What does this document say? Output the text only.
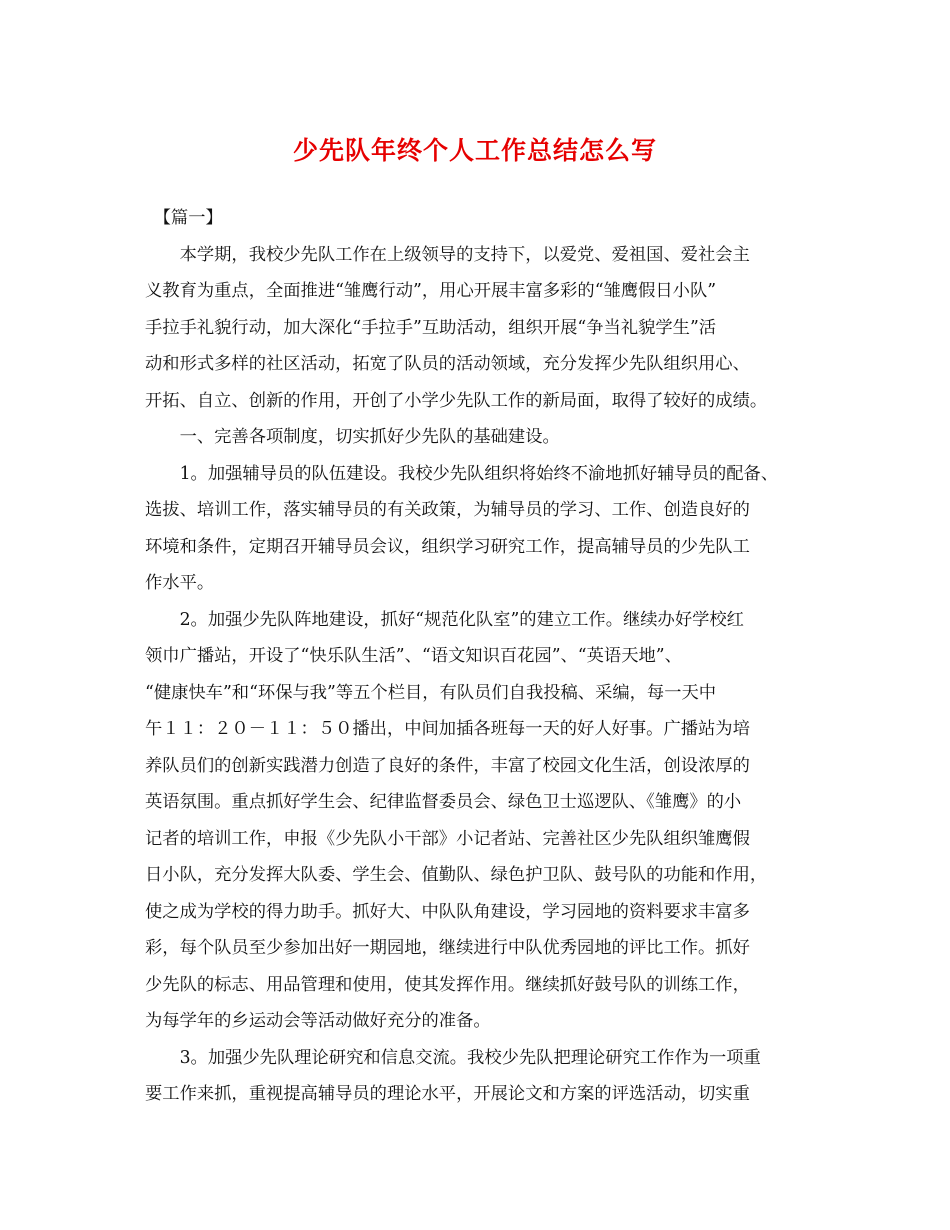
少先队年终个人工作总结怎么写
　【篇一】
　　本学期，我校少先队工作在上级领导的支持下，以爱党、爱祖国、爱社会主
义教育为重点，全面推进“雏鹰行动”，用心开展丰富多彩的“雏鹰假日小队”
手拉手礼貌行动，加大深化“手拉手”互助活动，组织开展“争当礼貌学生”活
动和形式多样的社区活动，拓宽了队员的活动领域，充分发挥少先队组织用心、
开拓、自立、创新的作用，开创了小学少先队工作的新局面，取得了较好的成绩。
　　一、完善各项制度，切实抓好少先队的基础建设。
　　1。加强辅导员的队伍建设。我校少先队组织将始终不渝地抓好辅导员的配备、
选拔、培训工作，落实辅导员的有关政策，为辅导员的学习、工作、创造良好的
环境和条件，定期召开辅导员会议，组织学习研究工作，提高辅导员的少先队工
作水平。
　　2。加强少先队阵地建设，抓好“规范化队室”的建立工作。继续办好学校红
领巾广播站，开设了“快乐队生活”、“语文知识百花园”、“英语天地”、
“健康快车”和“环保与我”等五个栏目，有队员们自我投稿、采编，每一天中
午１１：２０－１１：５０播出，中间加插各班每一天的好人好事。广播站为培
养队员们的创新实践潜力创造了良好的条件，丰富了校园文化生活，创设浓厚的
英语氛围。重点抓好学生会、纪律监督委员会、绿色卫士巡逻队、《雏鹰》的小
记者的培训工作，申报《少先队小干部》小记者站、完善社区少先队组织雏鹰假
日小队，充分发挥大队委、学生会、值勤队、绿色护卫队、鼓号队的功能和作用，
使之成为学校的得力助手。抓好大、中队队角建设，学习园地的资料要求丰富多
彩，每个队员至少参加出好一期园地，继续进行中队优秀园地的评比工作。抓好
少先队的标志、用品管理和使用，使其发挥作用。继续抓好鼓号队的训练工作，
为每学年的乡运动会等活动做好充分的准备。
　　3。加强少先队理论研究和信息交流。我校少先队把理论研究工作作为一项重
要工作来抓，重视提高辅导员的理论水平，开展论文和方案的评选活动，切实重
